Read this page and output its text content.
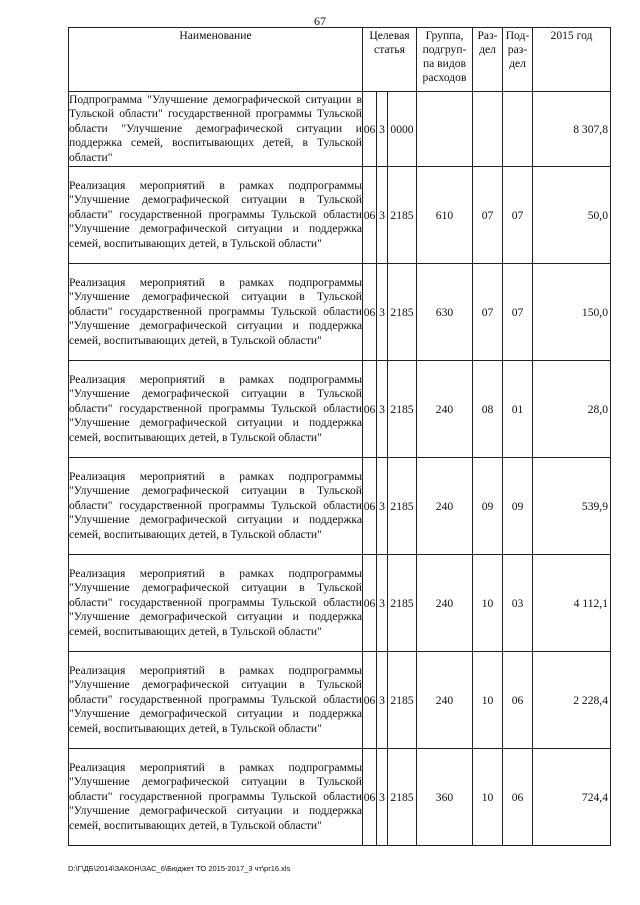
67
Наименование	Целевая статья			Группа, подгруп-па видов расходов	Раз-дел	Под-раз-дел	2015 год
Подпрограмма "Улучшение демографической ситуации в Тульской области" государственной программы Тульской области "Улучшение демографической ситуации и поддержка семей, воспитывающих детей, в Тульской области"	06	3	0000				8 307,8
Реализация мероприятий в рамках подпрограммы "Улучшение демографической ситуации в Тульской области" государственной программы Тульской области "Улучшение демографической ситуации и поддержка семей, воспитывающих детей, в Тульской области"	06	3	2185	610	07	07	50,0
Реализация мероприятий в рамках подпрограммы "Улучшение демографической ситуации в Тульской области" государственной программы Тульской области "Улучшение демографической ситуации и поддержка семей, воспитывающих детей, в Тульской области"	06	3	2185	630	07	07	150,0
Реализация мероприятий в рамках подпрограммы "Улучшение демографической ситуации в Тульской области" государственной программы Тульской области "Улучшение демографической ситуации и поддержка семей, воспитывающих детей, в Тульской области"	06	3	2185	240	08	01	28,0
Реализация мероприятий в рамках подпрограммы "Улучшение демографической ситуации в Тульской области" государственной программы Тульской области "Улучшение демографической ситуации и поддержка семей, воспитывающих детей, в Тульской области"	06	3	2185	240	09	09	539,9
Реализация мероприятий в рамках подпрограммы "Улучшение демографической ситуации в Тульской области" государственной программы Тульской области "Улучшение демографической ситуации и поддержка семей, воспитывающих детей, в Тульской области"	06	3	2185	240	10	03	4 112,1
Реализация мероприятий в рамках подпрограммы "Улучшение демографической ситуации в Тульской области" государственной программы Тульской области "Улучшение демографической ситуации и поддержка семей, воспитывающих детей, в Тульской области"	06	3	2185	240	10	06	2 228,4
Реализация мероприятий в рамках подпрограммы "Улучшение демографической ситуации в Тульской области" государственной программы Тульской области "Улучшение демографической ситуации и поддержка семей, воспитывающих детей, в Тульской области"	06	3	2185	360	10	06	724,4
D:\Г\ДБ\2014\ЗАКОН\ЗАС_6\Бюджет ТО 2015-2017_3 чт\pr16.xls
